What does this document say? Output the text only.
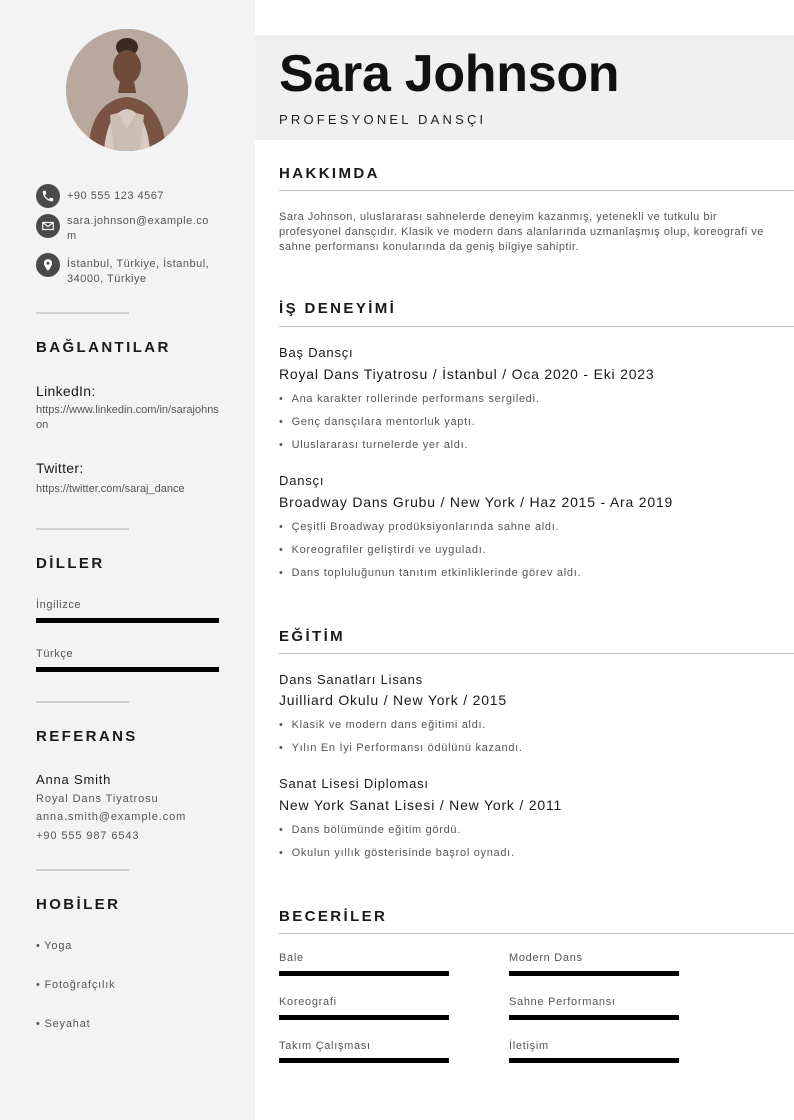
+90 555 123 4567
sara.johnson@example.com
İstanbul, Türkiye, İstanbul, 34000, Türkiye
BAĞLANTILAR
LinkedIn:
https://www.linkedin.com/in/sarajohnson
Twitter:
https://twitter.com/saraj_dance
DİLLER
İngilizce
Türkçe
REFERANS
Anna Smith
Royal Dans Tiyatrosu
anna.smith@example.com
+90 555 987 6543
HOBİLER
• Yoga
• Fotoğrafçılık
• Seyahat
Sara Johnson
PROFESYONEL DANSÇI
HAKKIMDA
Sara Johnson, uluslararası sahnelerde deneyim kazanmış, yetenekli ve tutkulu bir profesyonel dansçıdır. Klasik ve modern dans alanlarında uzmanlaşmış olup, koreografi ve sahne performansı konularında da geniş bilgiye sahiptir.
İŞ DENEYİMİ
Baş Dansçı
Royal Dans Tiyatrosu / İstanbul / Oca 2020 - Eki 2023
• Ana karakter rollerinde performans sergiledi.
• Genç dansçılara mentorluk yaptı.
• Uluslararası turnelerde yer aldı.
Dansçı
Broadway Dans Grubu / New York / Haz 2015 - Ara 2019
• Çeşitli Broadway prodüksiyonlarında sahne aldı.
• Koreografiler geliştirdi ve uyguladı.
• Dans topluluğunun tanıtım etkinliklerinde görev aldı.
EĞİTİM
Dans Sanatları Lisans
Juilliard Okulu / New York / 2015
• Klasik ve modern dans eğitimi aldı.
• Yılın En İyi Performansı ödülünü kazandı.
Sanat Lisesi Diploması
New York Sanat Lisesi / New York / 2011
• Dans bölümünde eğitim gördü.
• Okulun yıllık gösterisinde başrol oynadı.
BECERİLER
Bale	Modern Dans
Koreografi	Sahne Performansı
Takım Çalışması	İletişim
